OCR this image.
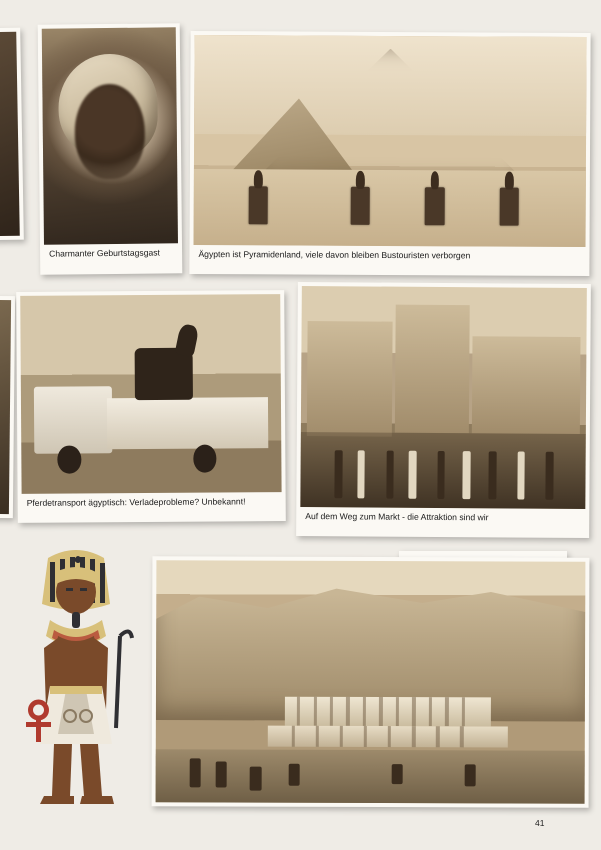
Charmanter Geburtstagsgast	Ägypten ist Pyramidenland, viele davon bleiben Bustouristen verborgen
Pferdetransport ägyptisch: Verladeprobleme? Unbekannt!
Auf dem Weg zum Markt - die Attraktion sind wir
41
